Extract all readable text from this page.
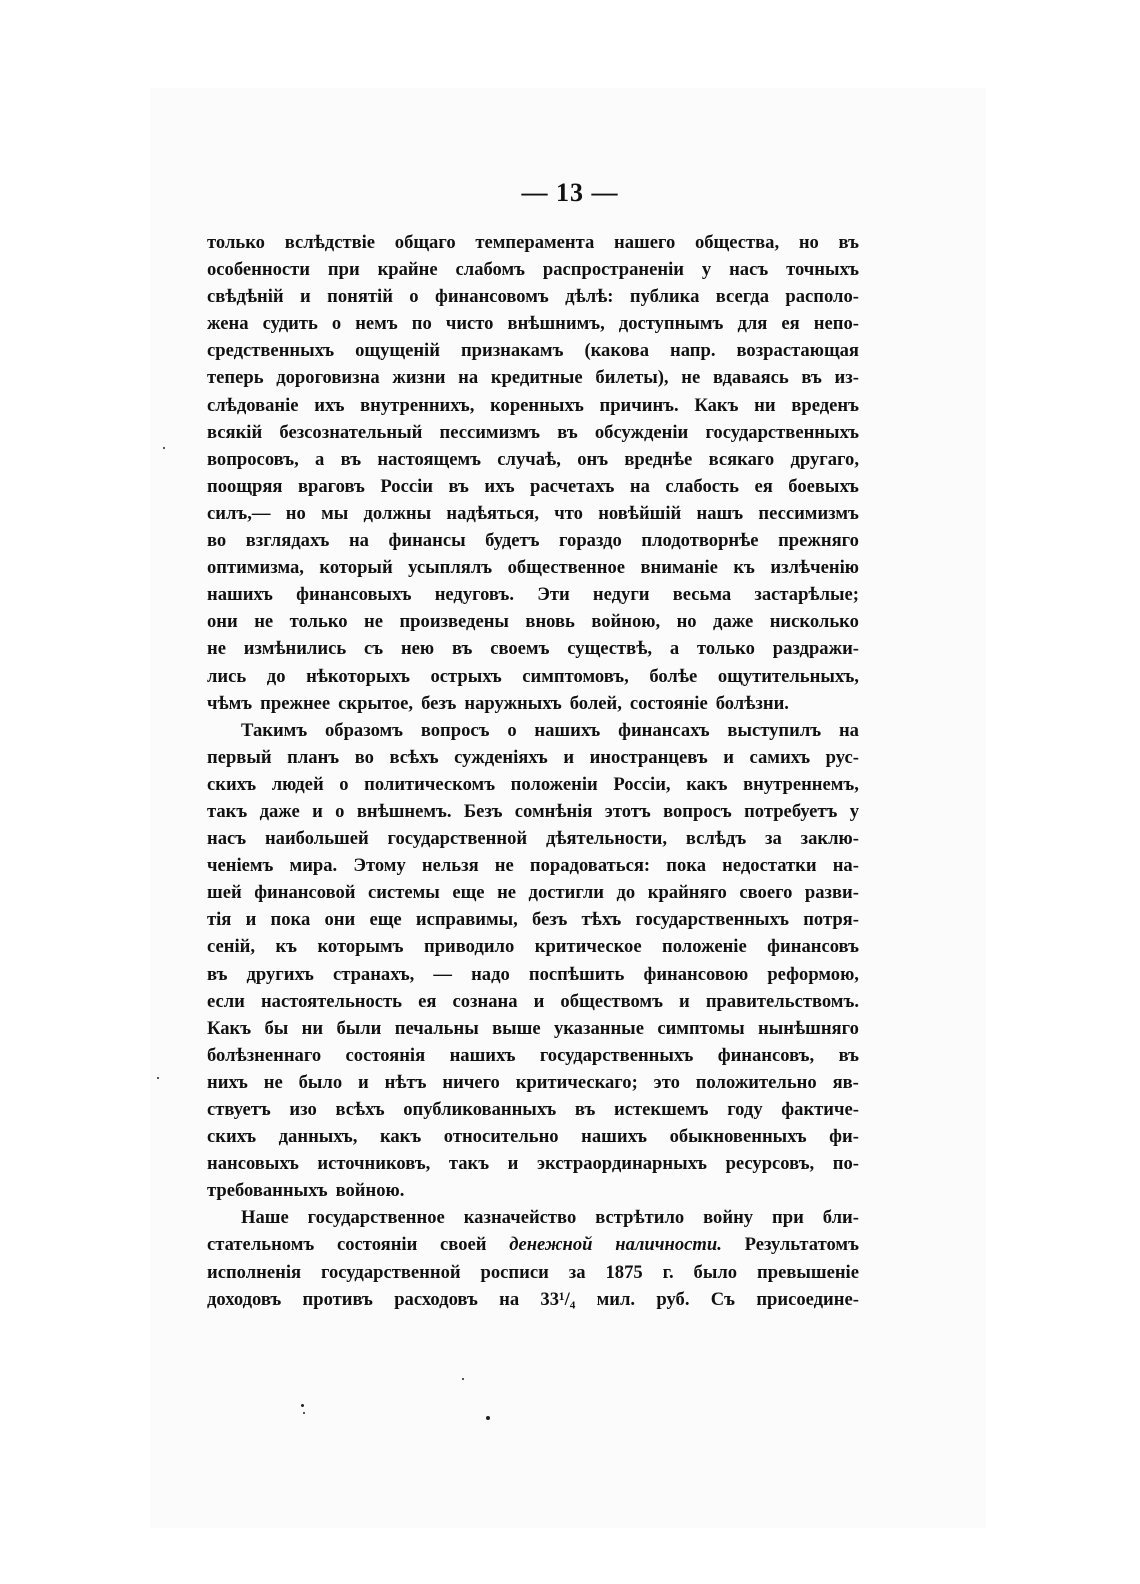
— 13 —
только вслѣдствіе общаго темперамента нашего общества, но въ
особенности при крайне слабомъ распространеніи у насъ точныхъ
свѣдѣній и понятій о финансовомъ дѣлѣ: публика всегда располо-
жена судить о немъ по чисто внѣшнимъ, доступнымъ для ея непо-
средственныхъ ощущеній признакамъ (какова напр. возрастающая
теперь дороговизна жизни на кредитные билеты), не вдаваясь въ из-
слѣдованіе ихъ внутреннихъ, коренныхъ причинъ. Какъ ни вреденъ
всякій безсознательный пессимизмъ въ обсужденіи государственныхъ
вопросовъ, а въ настоящемъ случаѣ, онъ вреднѣе всякаго другаго,
поощряя враговъ Россіи въ ихъ расчетахъ на слабость ея боевыхъ
силъ,— но мы должны надѣяться, что новѣйшій нашъ пессимизмъ
во взглядахъ на финансы будетъ гораздо плодотворнѣе прежняго
оптимизма, который усыплялъ общественное вниманіе къ излѣченію
нашихъ финансовыхъ недуговъ. Эти недуги весьма застарѣлые;
они не только не произведены вновь войною, но даже нисколько
не измѣнились съ нею въ своемъ существѣ, а только раздражи-
лись до нѣкоторыхъ острыхъ симптомовъ, болѣе ощутительныхъ,
чѣмъ прежнее скрытое, безъ наружныхъ болей, состояніе болѣзни.
Такимъ образомъ вопросъ о нашихъ финансахъ выступилъ на
первый планъ во всѣхъ сужденіяхъ и иностранцевъ и самихъ рус-
скихъ людей о политическомъ положеніи Россіи, какъ внутреннемъ,
такъ даже и о внѣшнемъ. Безъ сомнѣнія этотъ вопросъ потребуетъ у
насъ наибольшей государственной дѣятельности, вслѣдъ за заклю-
ченіемъ мира. Этому нельзя не порадоваться: пока недостатки на-
шей финансовой системы еще не достигли до крайняго своего разви-
тія и пока они еще исправимы, безъ тѣхъ государственныхъ потря-
сеній, къ которымъ приводило критическое положеніе финансовъ
въ другихъ странахъ, — надо поспѣшить финансовою реформою,
если настоятельность ея сознана и обществомъ и правительствомъ.
Какъ бы ни были печальны выше указанные симптомы нынѣшняго
болѣзненнаго состоянія нашихъ государственныхъ финансовъ, въ
нихъ не было и нѣтъ ничего критическаго; это положительно яв-
ствуетъ изо всѣхъ опубликованныхъ въ истекшемъ году фактиче-
скихъ данныхъ, какъ относительно нашихъ обыкновенныхъ фи-
нансовыхъ источниковъ, такъ и экстраординарныхъ ресурсовъ, по-
требованныхъ войною.
Наше государственное казначейство встрѣтило войну при бли-
стательномъ состояніи своей денежной наличности. Результатомъ
исполненія государственной росписи за 1875 г. было превышеніе
доходовъ противъ расходовъ на 33¹/₄ мил. руб. Съ присоедине-
